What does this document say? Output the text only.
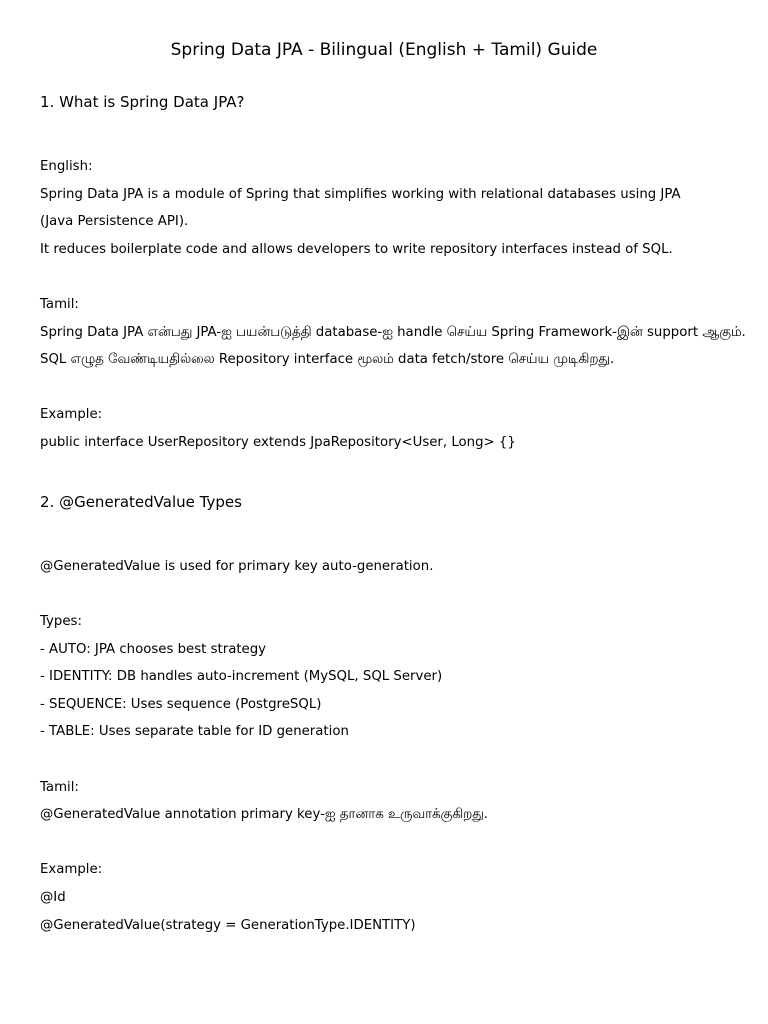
Spring Data JPA - Bilingual (English + Tamil) Guide
1. What is Spring Data JPA?
English:
Spring Data JPA is a module of Spring that simplifies working with relational databases using JPA
(Java Persistence API).
It reduces boilerplate code and allows developers to write repository interfaces instead of SQL.
Tamil:
Spring Data JPA என்பது JPA-ஐ பயன்படுத்தி database-ஐ handle செய்ய Spring Framework-இன் support ஆகும்.
SQL எழுத வேண்டியதில்லை Repository interface மூலம் data fetch/store செய்ய முடிகிறது.
Example:
public interface UserRepository extends JpaRepository<User, Long> {}
2. @GeneratedValue Types
@GeneratedValue is used for primary key auto-generation.
Types:
- AUTO: JPA chooses best strategy
- IDENTITY: DB handles auto-increment (MySQL, SQL Server)
- SEQUENCE: Uses sequence (PostgreSQL)
- TABLE: Uses separate table for ID generation
Tamil:
@GeneratedValue annotation primary key-ஐ தானாக உருவாக்குகிறது.
Example:
@Id
@GeneratedValue(strategy = GenerationType.IDENTITY)
